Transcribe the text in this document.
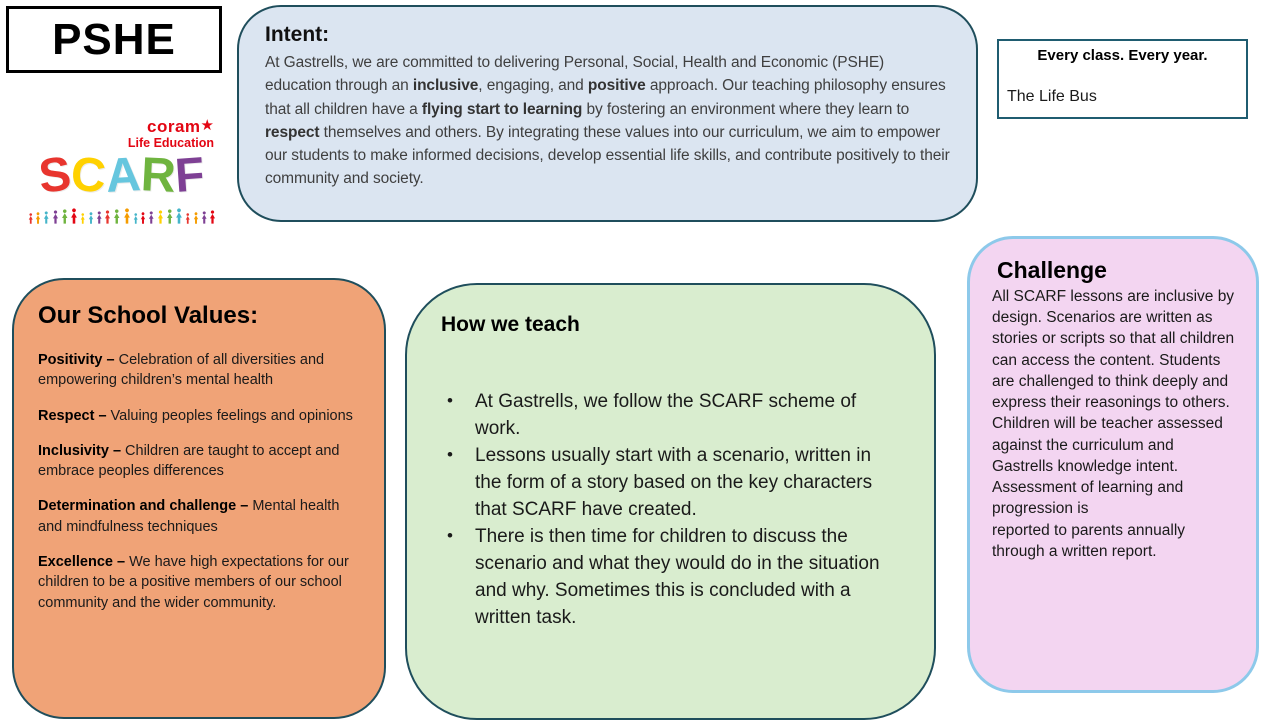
PSHE
coram★
Life Education
SCARF
Intent:

At Gastrells, we are committed to delivering Personal, Social, Health and Economic (PSHE) education through an inclusive, engaging, and positive approach. Our teaching philosophy ensures that all children have a flying start to learning by fostering an environment where they learn to respect themselves and others. By integrating these values into our curriculum, we aim to empower our students to make informed decisions, develop essential life skills, and contribute positively to their community and society.

Every class. Every year.
The Life Bus
Our School Values:

Positivity – Celebration of all diversities and empowering children’s mental health

Respect – Valuing peoples feelings and opinions

Inclusivity – Children are taught to accept and embrace peoples differences

Determination and challenge – Mental health and mindfulness techniques

Excellence – We have high expectations for our children to be a positive members of our school community and the wider community.

How we teach
• At Gastrells, we follow the SCARF scheme of work.
• Lessons usually start with a scenario, written in the form of a story based on the key characters that SCARF have created.
• There is then time for children to discuss the scenario and what they would do in the situation and why. Sometimes this is concluded with a written task.
Challenge

All SCARF lessons are inclusive by design. Scenarios are written as stories or scripts so that all children can access the content. Students are challenged to think deeply and express their reasonings to others.

Children will be teacher assessed against the curriculum and Gastrells knowledge intent. Assessment of learning and progression is

reported to parents annually through a written report.
